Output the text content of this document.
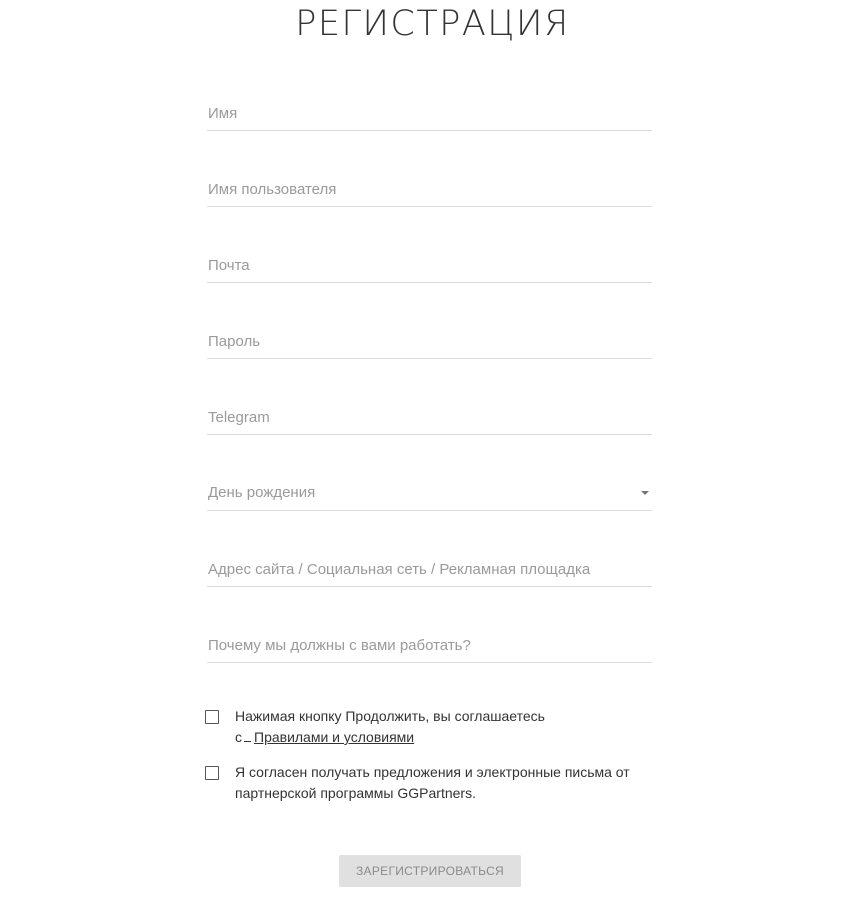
РЕГИСТРАЦИЯ
Имя
Имя пользователя
Почта
Telegram
День рождения
Адрес сайта / Социальная сеть / Рекламная площадка
Почему мы должны с вами работать?
Нажимая кнопку Продолжить, вы соглашаетесь
с Правилами и условиями
Я согласен получать предложения и электронные письма от партнерской программы GGPartners.
ЗАРЕГИСТРИРОВАТЬСЯ
